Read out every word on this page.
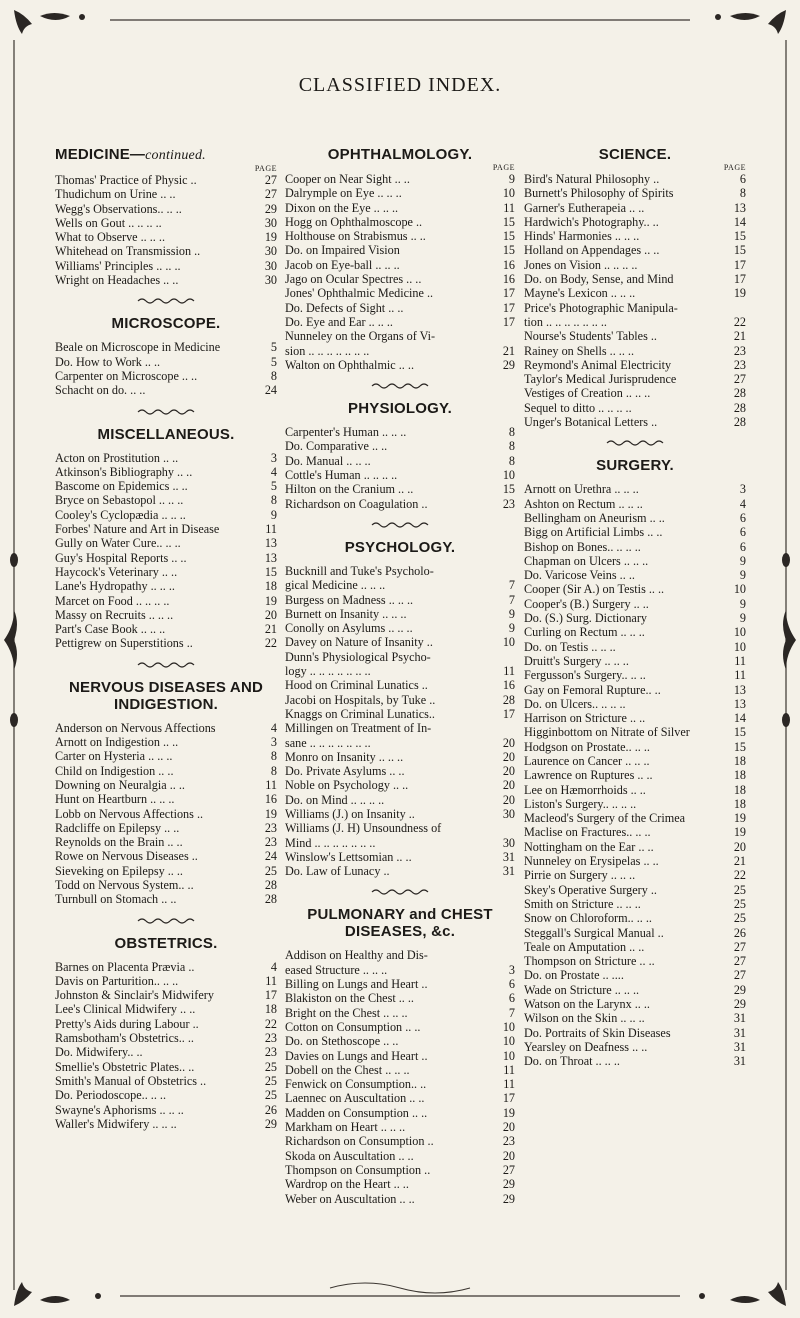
CLASSIFIED INDEX.
MEDICINE—continued.
PAGE
Thomas' Practice of Physic ..	27
Thudichum on Urine .. ..	27
Wegg's Observations.. .. ..	29
Wells on Gout .. .. .. ..	30
What to Observe .. .. ..	19
Whitehead on Transmission ..	30
Williams' Principles .. .. ..	30
Wright on Headaches .. ..	30
MICROSCOPE.
Beale on Microscope in Medicine	5
Do. How to Work .. ..	5
Carpenter on Microscope .. ..	8
Schacht on do. .. ..	24
MISCELLANEOUS.
Acton on Prostitution .. ..	3
Atkinson's Bibliography .. ..	4
Bascome on Epidemics .. ..	5
Bryce on Sebastopol .. .. ..	8
Cooley's Cyclopædia .. .. ..	9
Forbes' Nature and Art in Disease	11
Gully on Water Cure.. .. ..	13
Guy's Hospital Reports .. ..	13
Haycock's Veterinary .. ..	15
Lane's Hydropathy .. .. ..	18
Marcet on Food .. .. .. ..	19
Massy on Recruits .. .. ..	20
Part's Case Book .. .. ..	21
Pettigrew on Superstitions ..	22
NERVOUS DISEASES AND INDIGESTION.
Anderson on Nervous Affections	4
Arnott on Indigestion .. ..	3
Carter on Hysteria .. .. ..	8
Child on Indigestion .. ..	8
Downing on Neuralgia .. ..	11
Hunt on Heartburn .. .. ..	16
Lobb on Nervous Affections ..	19
Radcliffe on Epilepsy .. ..	23
Reynolds on the Brain .. ..	23
Rowe on Nervous Diseases ..	24
Sieveking on Epilepsy .. ..	25
Todd on Nervous System.. ..	28
Turnbull on Stomach .. ..	28
OBSTETRICS.
Barnes on Placenta Prævia ..	4
Davis on Parturition.. .. ..	11
Johnston & Sinclair's Midwifery	17
Lee's Clinical Midwifery .. ..	18
Pretty's Aids during Labour ..	22
Ramsbotham's Obstetrics.. ..	23
Do. Midwifery.. ..	23
Smellie's Obstetric Plates.. ..	25
Smith's Manual of Obstetrics ..	25
Do. Periodoscope.. .. ..	25
Swayne's Aphorisms .. .. ..	26
Waller's Midwifery .. .. ..	29
OPHTHALMOLOGY.
PAGE
Cooper on Near Sight .. ..	9
Dalrymple on Eye .. .. ..	10
Dixon on the Eye .. .. ..	11
Hogg on Ophthalmoscope ..	15
Holthouse on Strabismus .. ..	15
Do. on Impaired Vision	15
Jacob on Eye-ball .. .. ..	16
Jago on Ocular Spectres .. ..	16
Jones' Ophthalmic Medicine ..	17
Do. Defects of Sight .. ..	17
Do. Eye and Ear .. .. ..	17
Nunneley on the Organs of Vi-
sion .. .. .. .. .. .. ..	21
Walton on Ophthalmic .. ..	29
PHYSIOLOGY.
Carpenter's Human .. .. ..	8
Do. Comparative .. ..	8
Do. Manual .. .. ..	8
Cottle's Human .. .. .. ..	10
Hilton on the Cranium .. ..	15
Richardson on Coagulation ..	23
PSYCHOLOGY.
Bucknill and Tuke's Psycholo-
gical Medicine .. .. ..	7
Burgess on Madness .. .. ..	7
Burnett on Insanity .. .. ..	9
Conolly on Asylums .. .. ..	9
Davey on Nature of Insanity ..	10
Dunn's Physiological Psycho-
logy .. .. .. .. .. .. ..	11
Hood on Criminal Lunatics ..	16
Jacobi on Hospitals, by Tuke ..	28
Knaggs on Criminal Lunatics..	17
Millingen on Treatment of In-
sane .. .. .. .. .. .. ..	20
Monro on Insanity .. .. ..	20
Do. Private Asylums .. ..	20
Noble on Psychology .. ..	20
Do. on Mind .. .. .. ..	20
Williams (J.) on Insanity ..	30
Williams (J. H) Unsoundness of
Mind .. .. .. .. .. .. ..	30
Winslow's Lettsomian .. ..	31
Do. Law of Lunacy ..	31
PULMONARY and CHEST DISEASES, &c.
Addison on Healthy and Dis-
eased Structure .. .. ..	3
Billing on Lungs and Heart ..	6
Blakiston on the Chest .. ..	6
Bright on the Chest .. .. ..	7
Cotton on Consumption .. ..	10
Do. on Stethoscope .. ..	10
Davies on Lungs and Heart ..	10
Dobell on the Chest .. .. ..	11
Fenwick on Consumption.. ..	11
Laennec on Auscultation .. ..	17
Madden on Consumption .. ..	19
Markham on Heart .. .. ..	20
Richardson on Consumption ..	23
Skoda on Auscultation .. ..	20
Thompson on Consumption ..	27
Wardrop on the Heart .. ..	29
Weber on Auscultation .. ..	29
SCIENCE.
PAGE
Bird's Natural Philosophy ..	6
Burnett's Philosophy of Spirits	8
Garner's Eutherapeia .. ..	13
Hardwich's Photography.. ..	14
Hinds' Harmonies .. .. ..	15
Holland on Appendages .. ..	15
Jones on Vision .. .. .. ..	17
Do. on Body, Sense, and Mind	17
Mayne's Lexicon .. .. ..	19
Price's Photographic Manipula-
tion .. .. .. .. .. .. ..	22
Nourse's Students' Tables ..	21
Rainey on Shells .. .. ..	23
Reymond's Animal Electricity	23
Taylor's Medical Jurisprudence	27
Vestiges of Creation .. .. ..	28
Sequel to ditto .. .. .. ..	28
Unger's Botanical Letters ..	28
SURGERY.
Arnott on Urethra .. .. ..	3
Ashton on Rectum .. .. ..	4
Bellingham on Aneurism .. ..	6
Bigg on Artificial Limbs .. ..	6
Bishop on Bones.. .. .. ..	6
Chapman on Ulcers .. .. ..	9
Do. Varicose Veins .. ..	9
Cooper (Sir A.) on Testis .. ..	10
Cooper's (B.) Surgery .. ..	9
Do. (S.) Surg. Dictionary	9
Curling on Rectum .. .. ..	10
Do. on Testis .. .. ..	10
Druitt's Surgery .. .. ..	11
Fergusson's Surgery.. .. ..	11
Gay on Femoral Rupture.. ..	13
Do. on Ulcers.. .. .. ..	13
Harrison on Stricture .. ..	14
Higginbottom on Nitrate of Silver	15
Hodgson on Prostate.. .. ..	15
Laurence on Cancer .. .. ..	18
Lawrence on Ruptures .. ..	18
Lee on Hæmorrhoids .. ..	18
Liston's Surgery.. .. .. ..	18
Macleod's Surgery of the Crimea	19
Maclise on Fractures.. .. ..	19
Nottingham on the Ear .. ..	20
Nunneley on Erysipelas .. ..	21
Pirrie on Surgery .. .. ..	22
Skey's Operative Surgery ..	25
Smith on Stricture .. .. ..	25
Snow on Chloroform.. .. ..	25
Steggall's Surgical Manual ..	26
Teale on Amputation .. ..	27
Thompson on Stricture .. ..	27
Do. on Prostate .. ....	27
Wade on Stricture .. .. ..	29
Watson on the Larynx .. ..	29
Wilson on the Skin .. .. ..	31
Do. Portraits of Skin Diseases	31
Yearsley on Deafness .. ..	31
Do. on Throat .. .. ..	31
